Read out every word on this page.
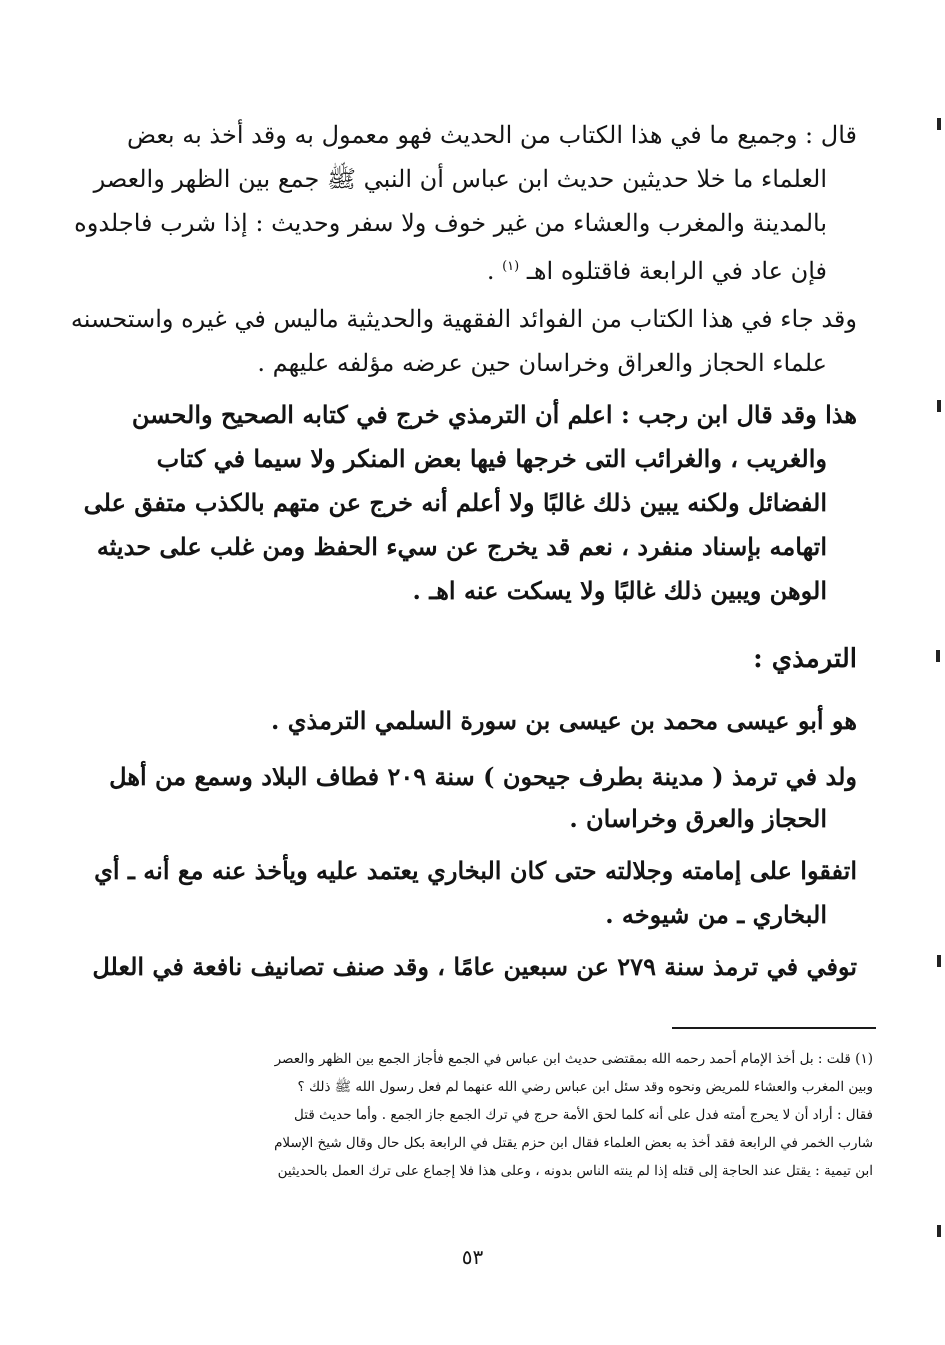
قال : وجميع ما في هذا الكتاب من الحديث فهو معمول به وقد أخذ به بعض
العلماء ما خلا حديثين حديث ابن عباس أن النبي ﷺ جمع بين الظهر والعصر
بالمدينة والمغرب والعشاء من غير خوف ولا سفر وحديث : إذا شرب فاجلدوه
فإن عاد في الرابعة فاقتلوه اهـ $^{(١)}$ .
وقد جاء في هذا الكتاب من الفوائد الفقهية والحديثية ماليس في غيره واستحسنه
علماء الحجاز والعراق وخراسان حين عرضه مؤلفه عليهم .
هذا وقد قال ابن رجب : اعلم أن الترمذي خرج في كتابه الصحيح والحسن
والغريب ، والغرائب التى خرجها فيها بعض المنكر ولا سيما في كتاب
الفضائل ولكنه يبين ذلك غالبًا ولا أعلم أنه خرج عن متهم بالكذب متفق على
اتهامه بإسناد منفرد ، نعم قد يخرج عن سيء الحفظ ومن غلب على حديثه
الوهن ويبين ذلك غالبًا ولا يسكت عنه اهـ .
الترمذي :
هو أبو عيسى محمد بن عيسى بن سورة السلمي الترمذي .
ولد في ترمذ ( مدينة بطرف جيحون ) سنة ٢٠٩ فطاف البلاد وسمع من أهل
الحجاز والعرق وخراسان .
اتفقوا على إمامته وجلالته حتى كان البخاري يعتمد عليه ويأخذ عنه مع أنه ـ أي
البخاري ـ من شيوخه .
توفي في ترمذ سنة ٢٧٩ عن سبعين عامًا ، وقد صنف تصانيف نافعة في العلل
(١) قلت : بل أخذ الإمام أحمد رحمه الله بمقتضى حديث ابن عباس في الجمع فأجاز الجمع بين الظهر والعصر
وبين المغرب والعشاء للمريض ونحوه وقد سئل ابن عباس رضي الله عنهما لم فعل رسول الله ﷺ ذلك ؟
فقال : أراد أن لا يحرج أمته فدل على أنه كلما لحق الأمة حرج في ترك الجمع جاز الجمع . وأما حديث قتل
شارب الخمر في الرابعة فقد أخذ به بعض العلماء فقال ابن حزم يقتل في الرابعة بكل حال وقال شيخ الإسلام
ابن تيمية : يقتل عند الحاجة إلى قتله إذا لم ينته الناس بدونه ، وعلى هذا فلا إجماع على ترك العمل بالحديثين
٥٣
